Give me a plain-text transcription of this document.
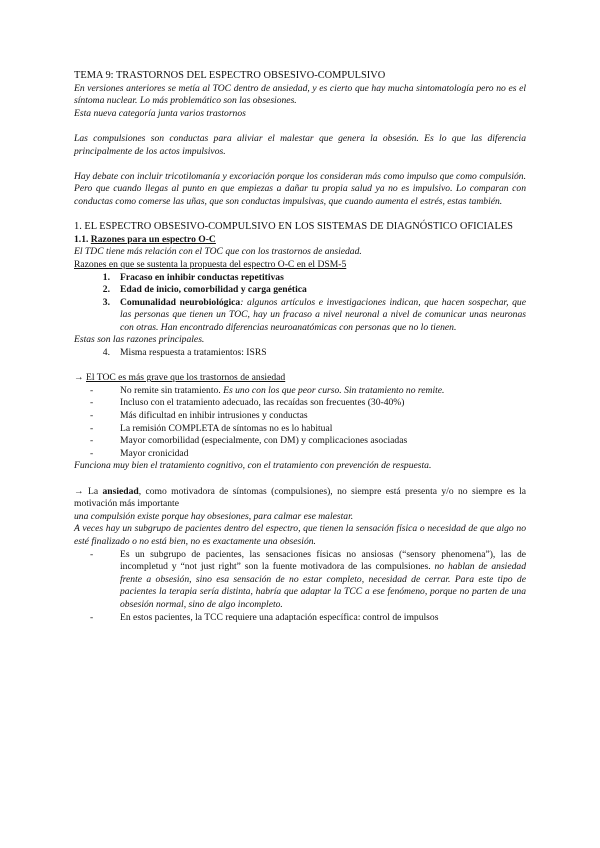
TEMA 9: TRASTORNOS DEL ESPECTRO OBSESIVO-COMPULSIVO

En versiones anteriores se metía al TOC dentro de ansiedad, y es cierto que hay mucha sintomatología pero no es el síntoma nuclear. Lo más problemático son las obsesiones.

Esta nueva categoría junta varios trastornos

Las compulsiones son conductas para aliviar el malestar que genera la obsesión. Es lo que las diferencia principalmente de los actos impulsivos.

Hay debate con incluir tricotilomanía y excoriación porque los consideran más como impulso que como compulsión. Pero que cuando llegas al punto en que empiezas a dañar tu propia salud ya no es impulsivo. Lo comparan con conductas como comerse las uñas, que son conductas impulsivas, que cuando aumenta el estrés, estas también.

1. EL ESPECTRO OBSESIVO-COMPULSIVO EN LOS SISTEMAS DE DIAGNÓSTICO OFICIALES

1.1. Razones para un espectro O-C

El TDC tiene más relación con el TOC que con los trastornos de ansiedad.

Razones en que se sustenta la propuesta del espectro O-C en el DSM-5

1. Fracaso en inhibir conductas repetitivas
2. Edad de inicio, comorbilidad y carga genética
3. Comunalidad neurobiológica: algunos artículos e investigaciones indican, que hacen sospechar, que las personas que tienen un TOC, hay un fracaso a nivel neuronal a nivel de comunicar unas neuronas con otras. Han encontrado diferencias neuroanatómicas con personas que no lo tienen.

Estas son las razones principales.

4. Misma respuesta a tratamientos: ISRS

→ El TOC es más grave que los trastornos de ansiedad

-	No remite sin tratamiento. Es uno con los que peor curso. Sin tratamiento no remite.
-	Incluso con el tratamiento adecuado, las recaídas son frecuentes (30-40%)
-	Más dificultad en inhibir intrusiones y conductas
-	La remisión COMPLETA de síntomas no es lo habitual
-	Mayor comorbilidad (especialmente, con DM) y complicaciones asociadas
-	Mayor cronicidad

Funciona muy bien el tratamiento cognitivo, con el tratamiento con prevención de respuesta.

→ La ansiedad, como motivadora de síntomas (compulsiones), no siempre está presenta y/o no siempre es la motivación más importante

una compulsión existe porque hay obsesiones, para calmar ese malestar.

A veces hay un subgrupo de pacientes dentro del espectro, que tienen la sensación física o necesidad de que algo no esté finalizado o no está bien, no es exactamente una obsesión.

-	Es un subgrupo de pacientes, las sensaciones físicas no ansiosas (“sensory phenomena”), las de incompletud y “not just right” son la fuente motivadora de las compulsiones. no hablan de ansiedad frente a obsesión, sino esa sensación de no estar completo, necesidad de cerrar. Para este tipo de pacientes la terapia sería distinta, habría que adaptar la TCC a ese fenómeno, porque no parten de una obsesión normal, sino de algo incompleto.
-	En estos pacientes, la TCC requiere una adaptación específica: control de impulsos
